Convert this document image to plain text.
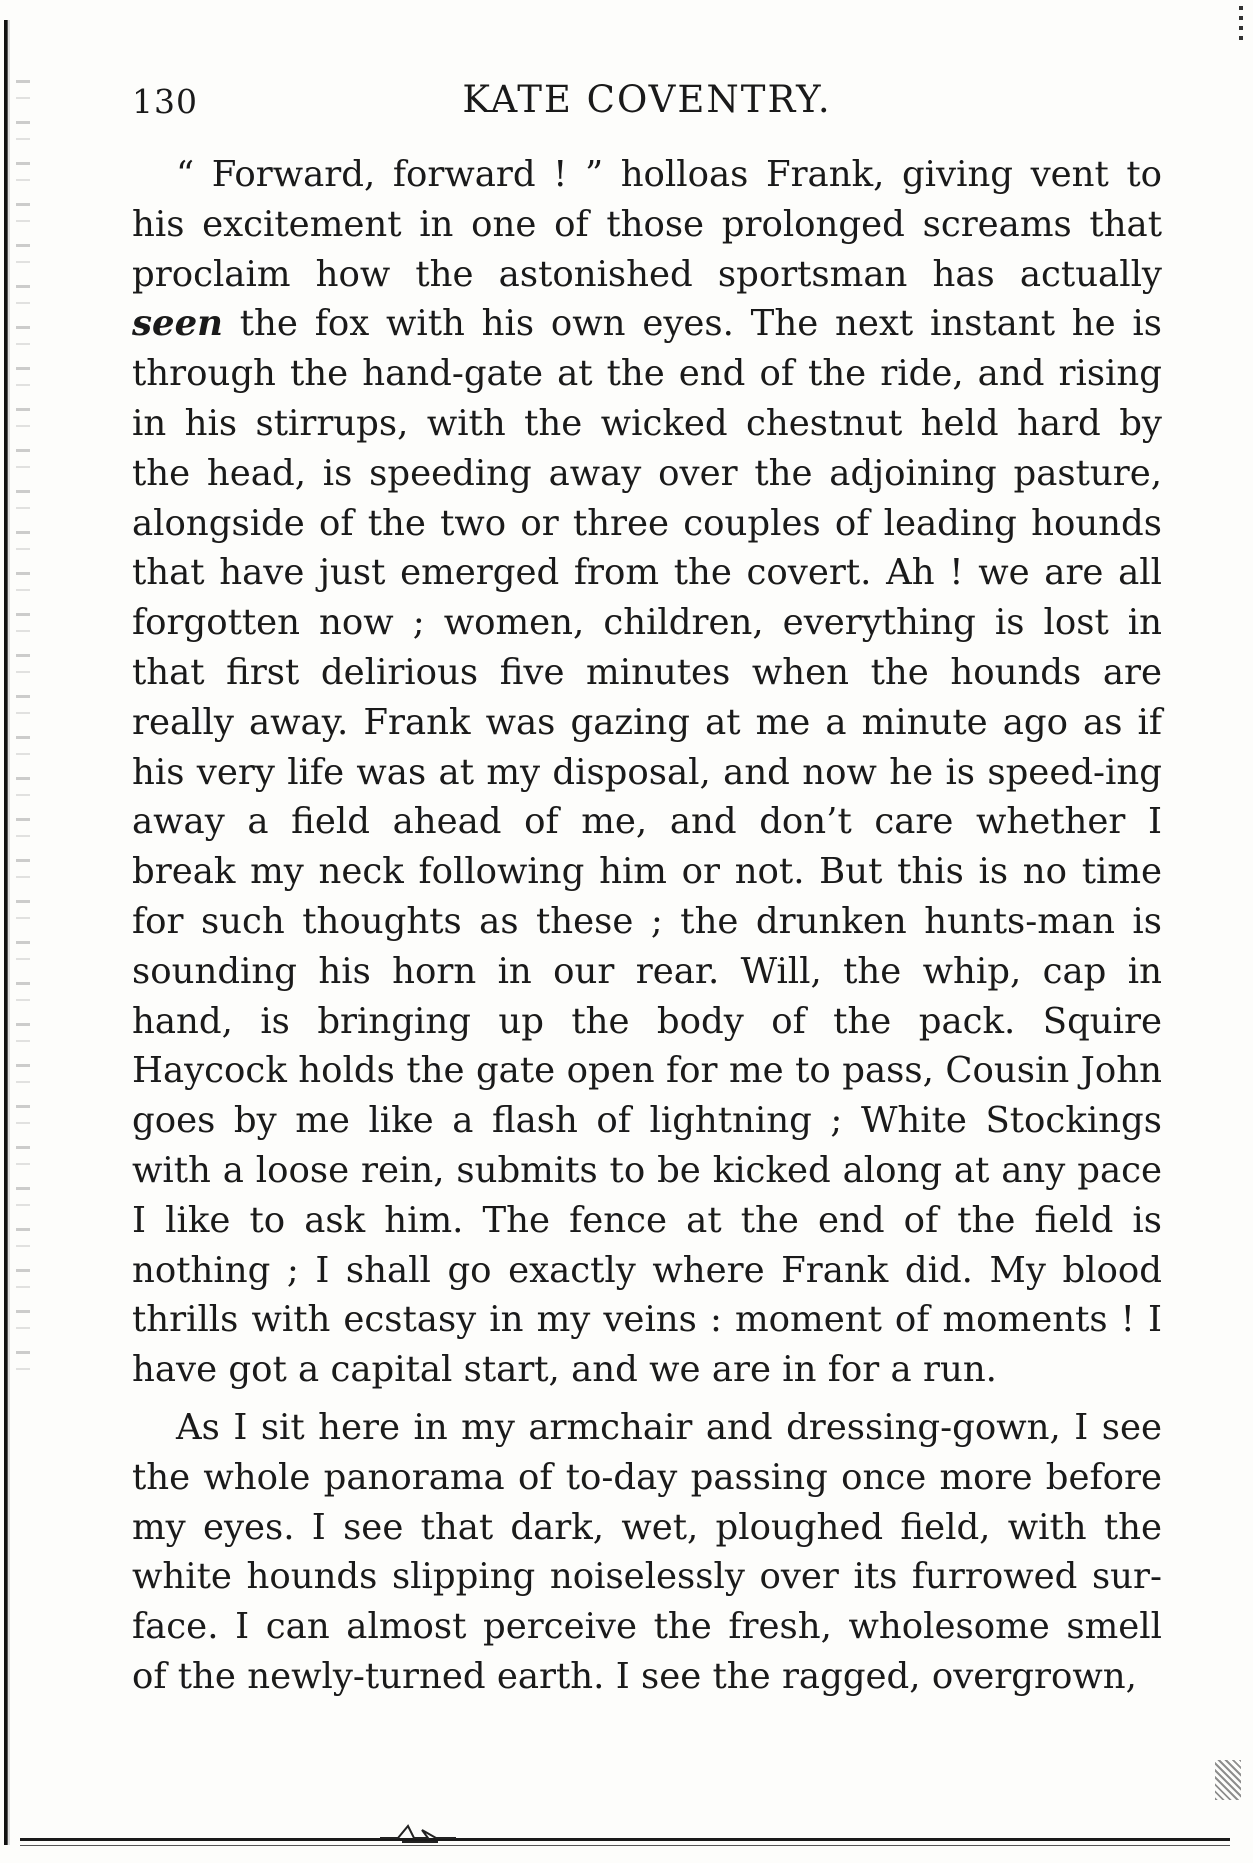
130	KATE COVENTRY.

“ Forward, forward ! ” holloas Frank, giving vent to his excitement in one of those prolonged screams that proclaim how the astonished sportsman has actually seen the fox with his own eyes. The next instant he is through the hand-gate at the end of the ride, and rising in his stirrups, with the wicked chestnut held hard by the head, is speeding away over the adjoining pasture, alongside of the two or three couples of leading hounds that have just emerged from the covert. Ah ! we are all forgotten now ; women, children, everything is lost in that first delirious five minutes when the hounds are really away. Frank was gazing at me a minute ago as if his very life was at my disposal, and now he is speed-ing away a field ahead of me, and don’t care whether I break my neck following him or not. But this is no time for such thoughts as these ; the drunken hunts-man is sounding his horn in our rear. Will, the whip, cap in hand, is bringing up the body of the pack. Squire Haycock holds the gate open for me to pass, Cousin John goes by me like a flash of lightning ; White Stockings with a loose rein, submits to be kicked along at any pace I like to ask him. The fence at the end of the field is nothing ; I shall go exactly where Frank did. My blood thrills with ecstasy in my veins : moment of moments ! I have got a capital start, and we are in for a run.

As I sit here in my armchair and dressing-gown, I see the whole panorama of to-day passing once more before my eyes. I see that dark, wet, ploughed field, with the white hounds slipping noiselessly over its furrowed sur-face. I can almost perceive the fresh, wholesome smell of the newly-turned earth. I see the ragged, overgrown,
